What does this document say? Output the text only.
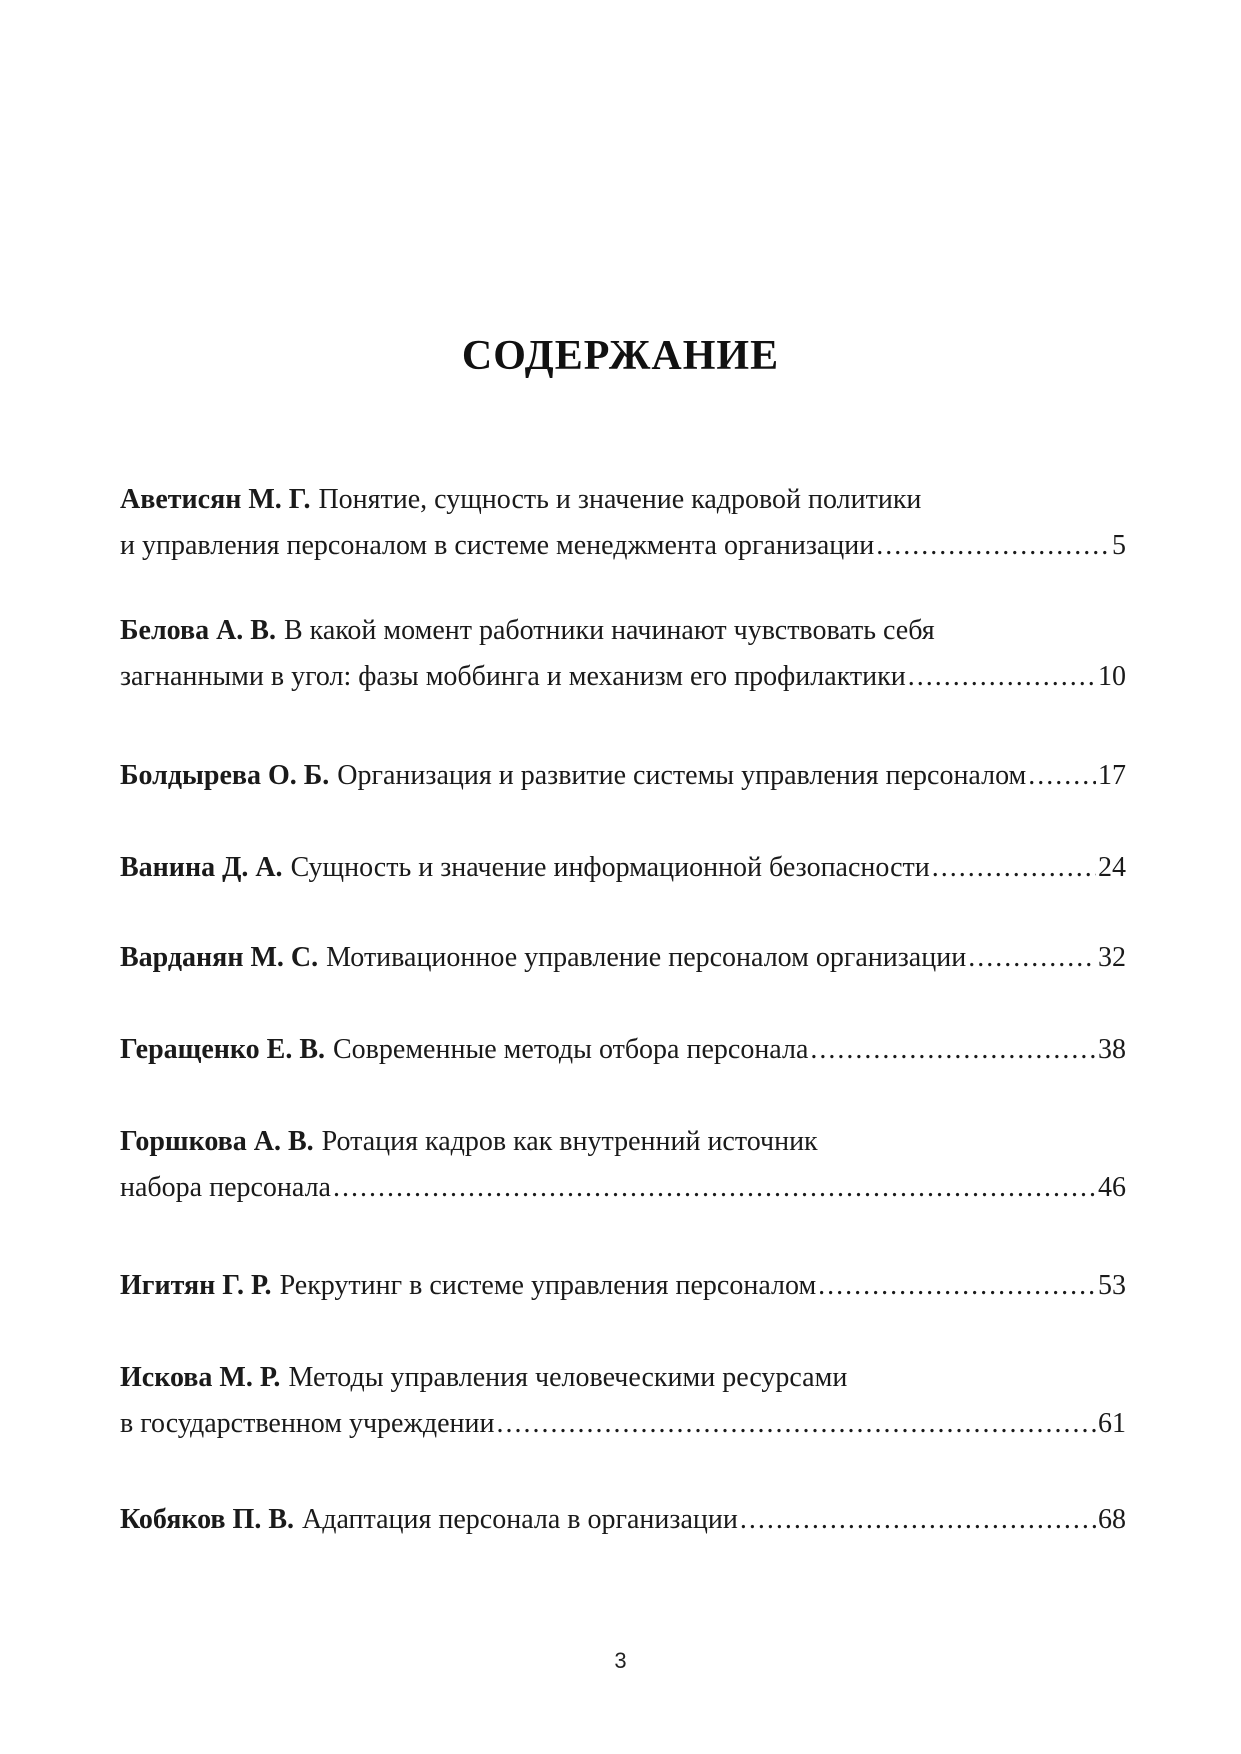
СОДЕРЖАНИЕ
Аветисян М. Г. Понятие, сущность и значение кадровой политики
и управления персоналом в системе менеджмента организации .....	5
Белова А. В. В какой момент работники начинают чувствовать себя
загнанными в угол: фазы моббинга и механизм его профилактики .....	10
Болдырева О. Б. Организация и развитие системы управления персоналом .....	17
Ванина Д. А. Сущность и значение информационной безопасности .....	24
Варданян М. С. Мотивационное управление персоналом организации .....	32
Геращенко Е. В. Современные методы отбора персонала .....	38
Горшкова А. В. Ротация кадров как внутренний источник
набора персонала .....	46
Игитян Г. Р. Рекрутинг в системе управления персоналом .....	53
Искова М. Р. Методы управления человеческими ресурсами
в государственном учреждении .....	61
Кобяков П. В. Адаптация персонала в организации .....	68
3
